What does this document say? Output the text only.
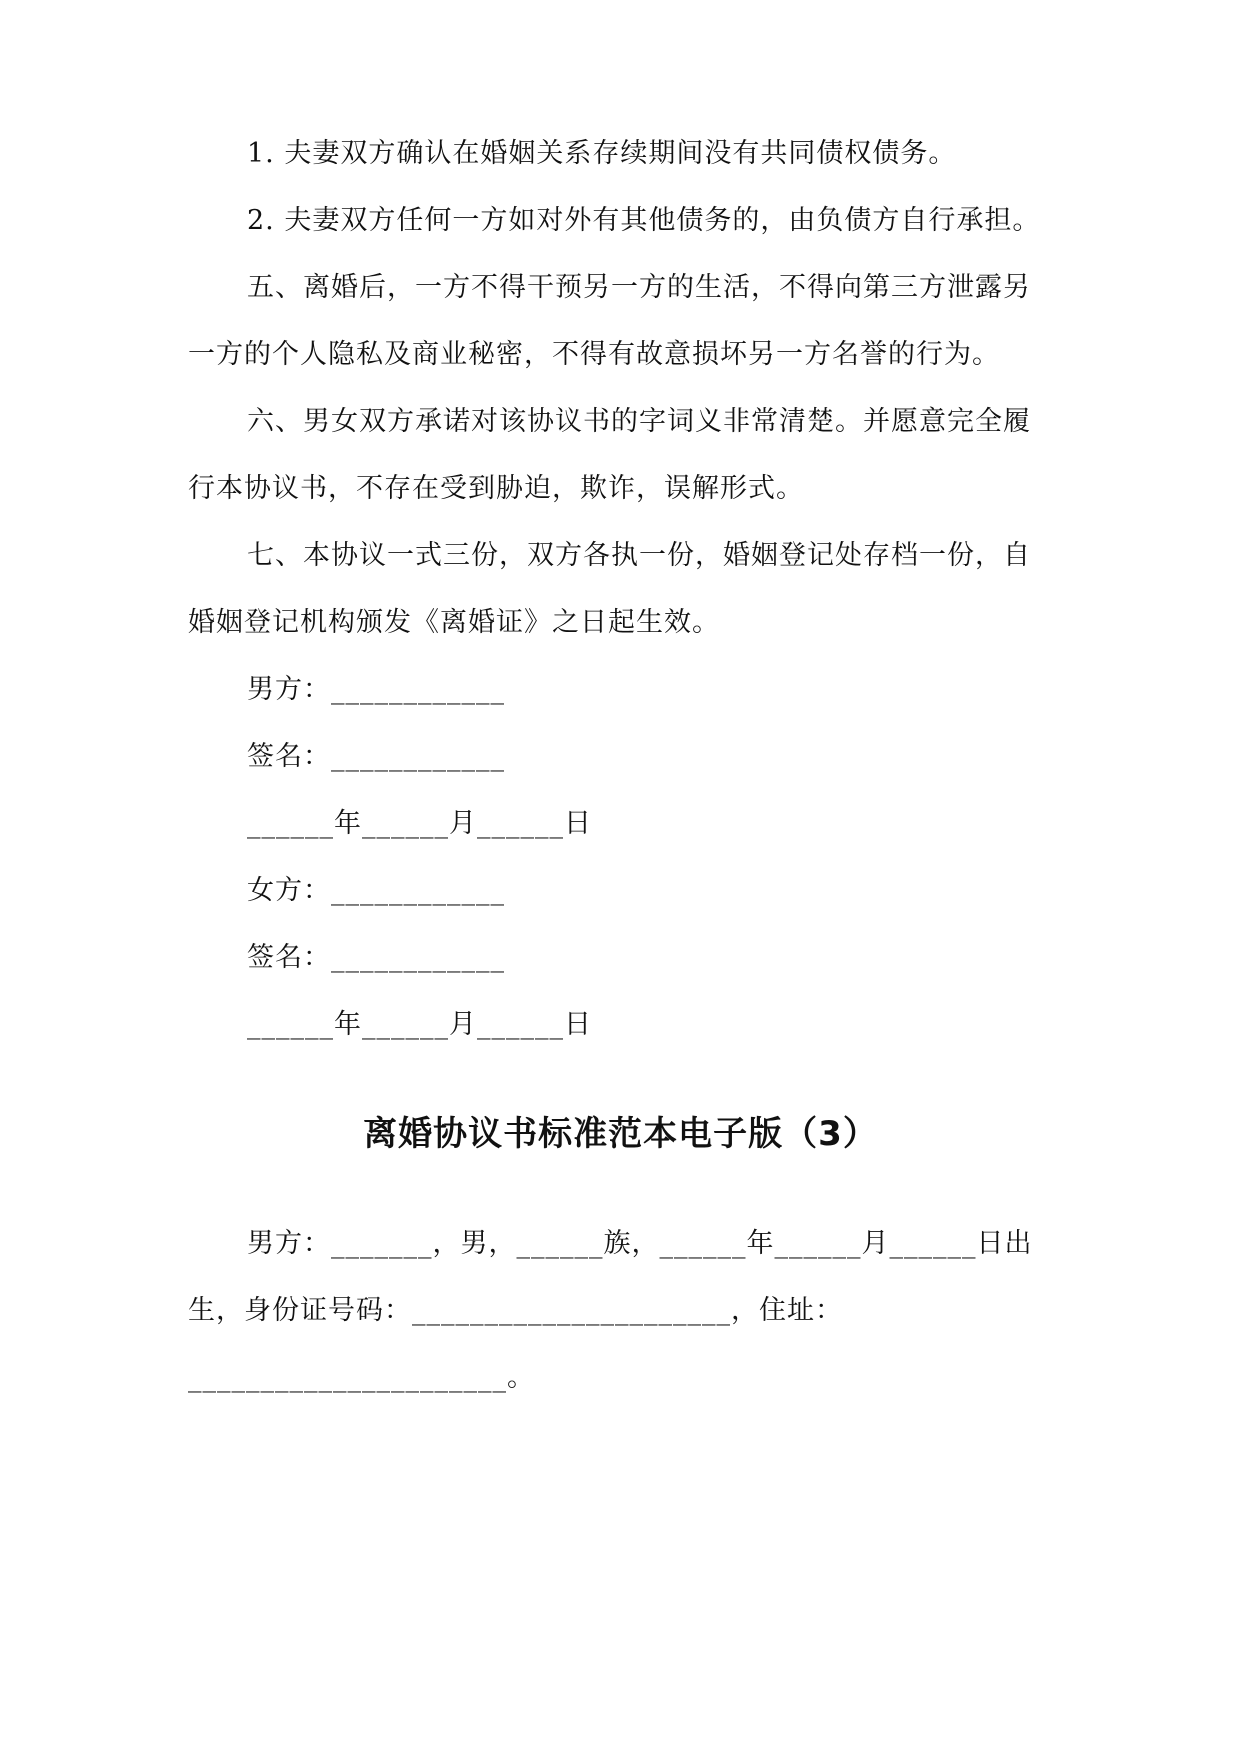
1. 夫妻双方确认在婚姻关系存续期间没有共同债权债务。
2. 夫妻双方任何一方如对外有其他债务的，由负债方自行承担。
五、离婚后，一方不得干预另一方的生活，不得向第三方泄露另
一方的个人隐私及商业秘密，不得有故意损坏另一方名誉的行为。
六、男女双方承诺对该协议书的字词义非常清楚。并愿意完全履
行本协议书，不存在受到胁迫，欺诈，误解形式。
七、本协议一式三份，双方各执一份，婚姻登记处存档一份，自
婚姻登记机构颁发《离婚证》之日起生效。
男方：____________
签名：____________
______年______月______日
女方：____________
签名：____________
______年______月______日
离婚协议书标准范本电子版（3）
男方：_______，男，______族，______年______月______日出
生，身份证号码：______________________，住址：
______________________。
